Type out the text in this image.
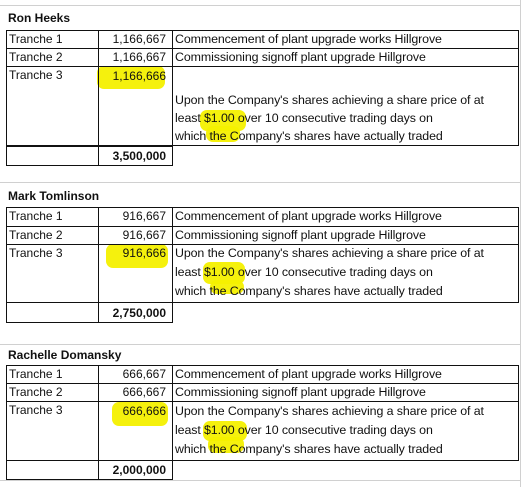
Ron Heeks
Tranche 1
Tranche 2
Tranche 3
1,166,667
1,166,667
1,166,666
Commencement of plant upgrade works Hillgrove
Commissioning signoff plant upgrade Hillgrove
Upon the Company's shares achieving a share price of at
least $1.00 over 10 consecutive trading days on
which the Company's shares have actually traded
3,500,000
Mark Tomlinson
Tranche 1
Tranche 2
Tranche 3
916,667
916,667
916,666
Commencement of plant upgrade works Hillgrove
Commissioning signoff plant upgrade Hillgrove
Upon the Company's shares achieving a share price of at
least $1.00 over 10 consecutive trading days on
which the Company's shares have actually traded
2,750,000
Rachelle Domansky
Tranche 1
Tranche 2
Tranche 3
666,667
666,667
666,666
Commencement of plant upgrade works Hillgrove
Commissioning signoff plant upgrade Hillgrove
Upon the Company's shares achieving a share price of at
least $1.00 over 10 consecutive trading days on
which the Company's shares have actually traded
2,000,000
